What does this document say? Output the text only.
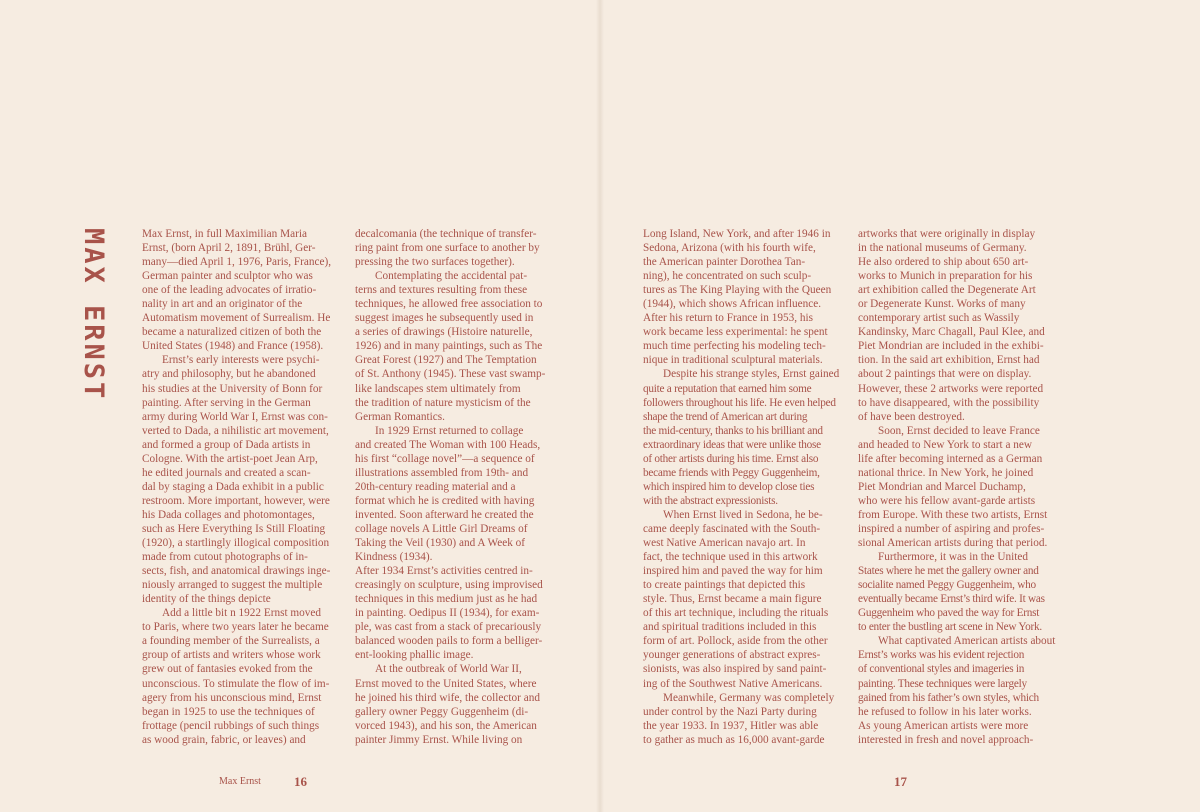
MAX ERNST	Max Ernst, in full Maximilian Maria
Ernst, (born April 2, 1891, Brühl, Ger-
many—died April 1, 1976, Paris, France),
German painter and sculptor who was
one of the leading advocates of irratio-
nality in art and an originator of the
Automatism movement of Surrealism. He
became a naturalized citizen of both the
United States (1948) and France (1958).
Ernst’s early interests were psychi-
atry and philosophy, but he abandoned
his studies at the University of Bonn for
painting. After serving in the German
army during World War I, Ernst was con-
verted to Dada, a nihilistic art movement,
and formed a group of Dada artists in
Cologne. With the artist-poet Jean Arp,
he edited journals and created a scan-
dal by staging a Dada exhibit in a public
restroom. More important, however, were
his Dada collages and photomontages,
such as Here Everything Is Still Floating
(1920), a startlingly illogical composition
made from cutout photographs of in-
sects, fish, and anatomical drawings inge-
niously arranged to suggest the multiple
identity of the things depicte
Add a little bit n 1922 Ernst moved
to Paris, where two years later he became
a founding member of the Surrealists, a
group of artists and writers whose work
grew out of fantasies evoked from the
unconscious. To stimulate the flow of im-
agery from his unconscious mind, Ernst
began in 1925 to use the techniques of
frottage (pencil rubbings of such things
as wood grain, fabric, or leaves) and
decalcomania (the technique of transfer-
ring paint from one surface to another by
pressing the two surfaces together).
Contemplating the accidental pat-
terns and textures resulting from these
techniques, he allowed free association to
suggest images he subsequently used in
a series of drawings (Histoire naturelle,
1926) and in many paintings, such as The
Great Forest (1927) and The Temptation
of St. Anthony (1945). These vast swamp-
like landscapes stem ultimately from
the tradition of nature mysticism of the
German Romantics.
In 1929 Ernst returned to collage
and created The Woman with 100 Heads,
his first “collage novel”—a sequence of
illustrations assembled from 19th- and
20th-century reading material and a
format which he is credited with having
invented. Soon afterward he created the
collage novels A Little Girl Dreams of
Taking the Veil (1930) and A Week of
Kindness (1934).
After 1934 Ernst’s activities centred in-
creasingly on sculpture, using improvised
techniques in this medium just as he had
in painting. Oedipus II (1934), for exam-
ple, was cast from a stack of precariously
balanced wooden pails to form a belliger-
ent-looking phallic image.
At the outbreak of World War II,
Ernst moved to the United States, where
he joined his third wife, the collector and
gallery owner Peggy Guggenheim (di-
vorced 1943), and his son, the American
painter Jimmy Ernst. While living on
Long Island, New York, and after 1946 in
Sedona, Arizona (with his fourth wife,
the American painter Dorothea Tan-
ning), he concentrated on such sculp-
tures as The King Playing with the Queen
(1944), which shows African influence.
After his return to France in 1953, his
work became less experimental: he spent
much time perfecting his modeling tech-
nique in traditional sculptural materials.
Despite his strange styles, Ernst gained
quite a reputation that earned him some
followers throughout his life. He even helped
shape the trend of American art during
the mid-century, thanks to his brilliant and
extraordinary ideas that were unlike those
of other artists during his time. Ernst also
became friends with Peggy Guggenheim,
which inspired him to develop close ties
with the abstract expressionists.
When Ernst lived in Sedona, he be-
came deeply fascinated with the South-
west Native American navajo art. In
fact, the technique used in this artwork
inspired him and paved the way for him
to create paintings that depicted this
style. Thus, Ernst became a main figure
of this art technique, including the rituals
and spiritual traditions included in this
form of art. Pollock, aside from the other
younger generations of abstract expres-
sionists, was also inspired by sand paint-
ing of the Southwest Native Americans.
Meanwhile, Germany was completely
under control by the Nazi Party during
the year 1933. In 1937, Hitler was able
to gather as much as 16,000 avant-garde
artworks that were originally in display
in the national museums of Germany.
He also ordered to ship about 650 art-
works to Munich in preparation for his
art exhibition called the Degenerate Art
or Degenerate Kunst. Works of many
contemporary artist such as Wassily
Kandinsky, Marc Chagall, Paul Klee, and
Piet Mondrian are included in the exhibi-
tion. In the said art exhibition, Ernst had
about 2 paintings that were on display.
However, these 2 artworks were reported
to have disappeared, with the possibility
of have been destroyed.
Soon, Ernst decided to leave France
and headed to New York to start a new
life after becoming interned as a German
national thrice. In New York, he joined
Piet Mondrian and Marcel Duchamp,
who were his fellow avant-garde artists
from Europe. With these two artists, Ernst
inspired a number of aspiring and profes-
sional American artists during that period.
Furthermore, it was in the United
States where he met the gallery owner and
socialite named Peggy Guggenheim, who
eventually became Ernst’s third wife. It was
Guggenheim who paved the way for Ernst
to enter the bustling art scene in New York.
What captivated American artists about
Ernst’s works was his evident rejection
of conventional styles and imageries in
painting. These techniques were largely
gained from his father’s own styles, which
he refused to follow in his later works.
As young American artists were more
interested in fresh and novel approach-
Max Ernst	16	17
